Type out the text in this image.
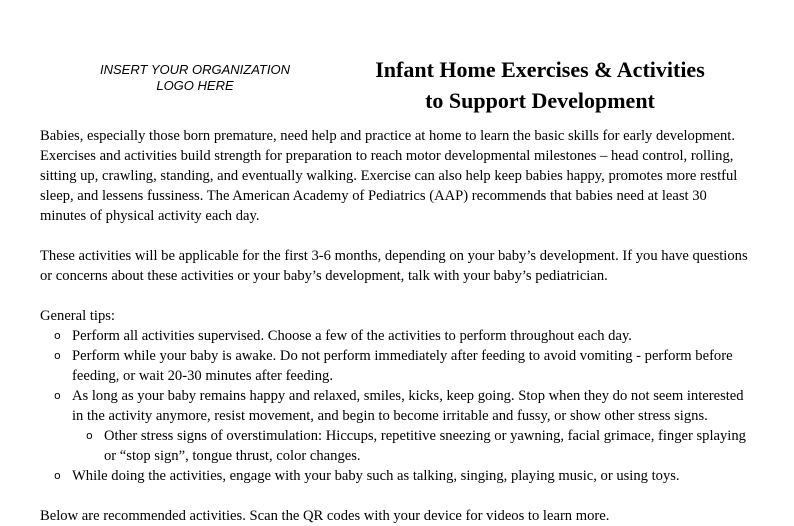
INSERT YOUR ORGANIZATION
LOGO HERE
Infant Home Exercises & Activities
to Support Development

Babies, especially those born premature, need help and practice at home to learn the basic skills for early development. Exercises and activities build strength for preparation to reach motor developmental milestones – head control, rolling, sitting up, crawling, standing, and eventually walking. Exercise can also help keep babies happy, promotes more restful sleep, and lessens fussiness. The American Academy of Pediatrics (AAP) recommends that babies need at least 30 minutes of physical activity each day.

These activities will be applicable for the first 3-6 months, depending on your baby’s development. If you have questions or concerns about these activities or your baby’s development, talk with your baby’s pediatrician.

General tips:

o Perform all activities supervised. Choose a few of the activities to perform throughout each day.
o Perform while your baby is awake. Do not perform immediately after feeding to avoid vomiting - perform before feeding, or wait 20-30 minutes after feeding.
o As long as your baby remains happy and relaxed, smiles, kicks, keep going. Stop when they do not seem interested in the activity anymore, resist movement, and begin to become irritable and fussy, or show other stress signs.
o Other stress signs of overstimulation: Hiccups, repetitive sneezing or yawning, facial grimace, finger splaying or “stop sign”, tongue thrust, color changes.
o While doing the activities, engage with your baby such as talking, singing, playing music, or using toys.

Below are recommended activities. Scan the QR codes with your device for videos to learn more.
